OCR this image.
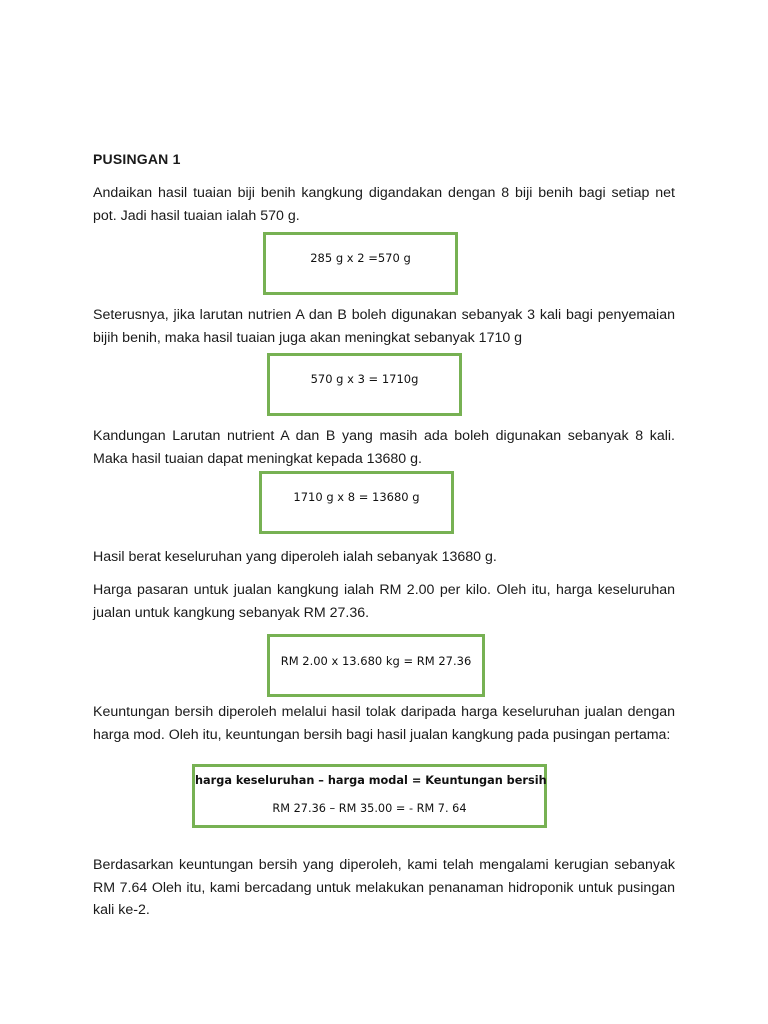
PUSINGAN 1
Andaikan hasil tuaian biji benih kangkung digandakan dengan 8 biji benih bagi setiap net pot. Jadi hasil tuaian ialah 570 g.
285 g x 2 =570 g
Seterusnya, jika larutan nutrien A dan B boleh digunakan sebanyak 3 kali bagi penyemaian bijih benih, maka hasil tuaian juga akan meningkat sebanyak 1710 g
570 g x 3 = 1710g
Kandungan Larutan nutrient A dan B yang masih ada boleh digunakan sebanyak 8 kali. Maka hasil tuaian dapat meningkat kepada 13680 g.
1710 g x 8 = 13680 g
Hasil berat keseluruhan yang diperoleh ialah sebanyak 13680 g.
Harga pasaran untuk jualan kangkung ialah RM 2.00 per kilo. Oleh itu, harga keseluruhan jualan untuk kangkung sebanyak RM 27.36.
RM 2.00 x 13.680 kg = RM 27.36
Keuntungan bersih diperoleh melalui hasil tolak daripada harga keseluruhan jualan dengan harga mod. Oleh itu, keuntungan bersih bagi hasil jualan kangkung pada pusingan pertama:
harga keseluruhan – harga modal = Keuntungan bersih
RM 27.36 – RM 35.00 = - RM 7. 64
Berdasarkan keuntungan bersih yang diperoleh, kami telah mengalami kerugian sebanyak RM 7.64 Oleh itu, kami bercadang untuk melakukan penanaman hidroponik untuk pusingan kali ke-2.
